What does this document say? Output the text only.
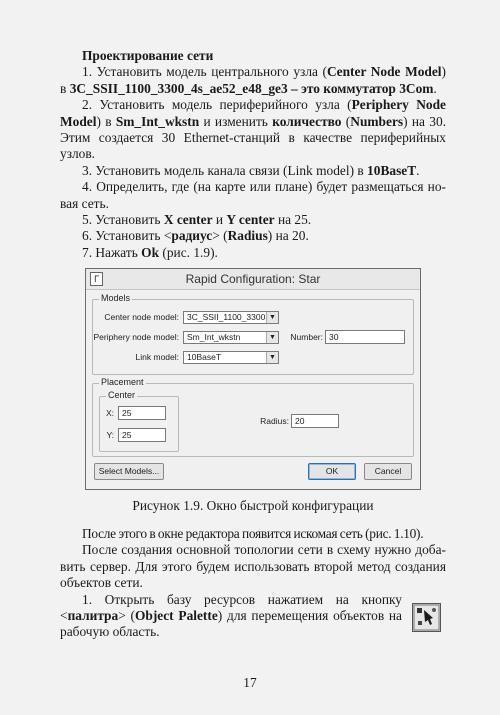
Проектирование сети

1. Установить модель центрального узла (Center Node Model) в 3C_SSII_1100_3300_4s_ae52_e48_ge3 – это коммутатор 3Com.

2. Установить модель периферийного узла (Periphery Node Model) в Sm_Int_wkstn и изменить количество (Numbers) на 30. Этим создается 30 Ethernet-станций в качестве периферийных узлов.

3. Установить модель канала связи (Link model) в 10BaseT.

4. Определить, где (на карте или плане) будет размещаться но-вая сеть.

5. Установить X center и Y center на 25.

6. Установить <радиус> (Radius) на 20.

7. Нажать Ok (рис. 1.9).

Г	Rapid Configuration: Star
Models
Center node model: 3C_SSII_1100_3300 ▼
Periphery node model: Sm_Int_wkstn	▼	Number: 30
Link model: 10BaseT	▼
Placement
Center
X: 25
Y: 25
Radius: 20
Select Models...	OK	Cancel
Рисунок 1.9. Окно быстрой конфигурации

После этого в окне редактора появится искомая сеть (рис. 1.10).

После создания основной топологии сети в схему нужно доба-вить сервер. Для этого будем использовать второй метод создания объектов сети.

1. Открыть базу ресурсов нажатием на кнопку <палитра> (Object Palette) для перемещения объектов на рабочую область.

17
